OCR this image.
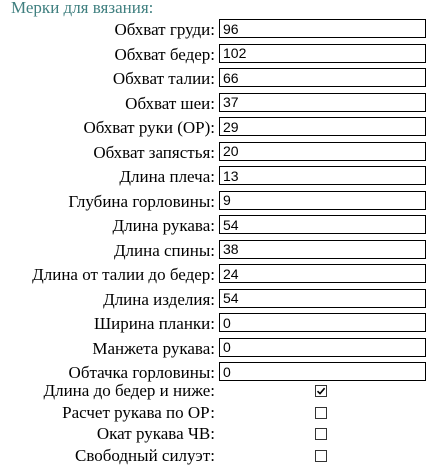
Мерки для вязания:
Обхват груди:
96
Обхват бедер:
102
Обхват талии:
66
Обхват шеи:
37
Обхват руки (ОР):
29
Обхват запястья:
20
Длина плеча:
13
Глубина горловины:
9
Длина рукава:
54
Длина спины:
38
Длина от талии до бедер:
24
Длина изделия:
54
Ширина планки:
0
Манжета рукава:
0
Обтачка горловины:
0
Длина до бедер и ниже:
Расчет рукава по ОР:
Окат рукава ЧВ:
Свободный силуэт:
